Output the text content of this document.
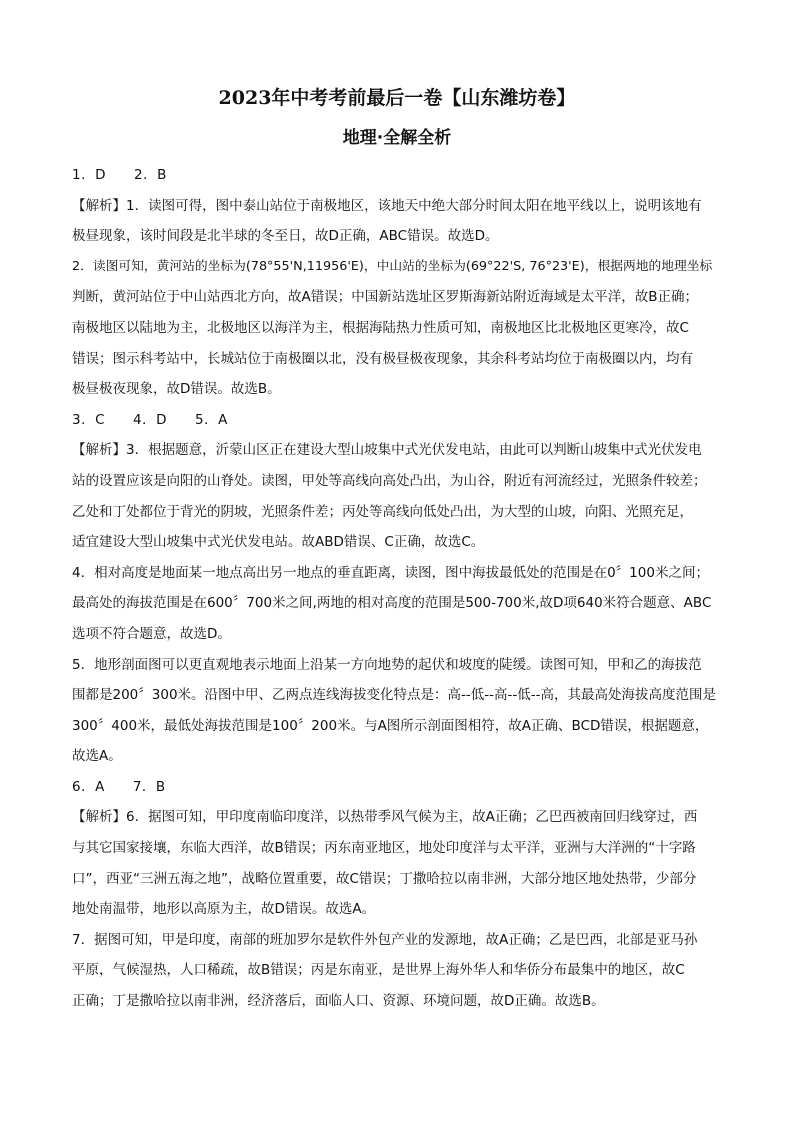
2023年中考考前最后一卷【山东潍坊卷】
地理·全解全析
1．D　　2．B
【解析】1．读图可得，图中泰山站位于南极地区，该地天中绝大部分时间太阳在地平线以上，说明该地有
极昼现象，该时间段是北半球的冬至日，故D正确，ABC错误。故选D。
2．读图可知，黄河站的坐标为(78°55'N,11956'E)，中山站的坐标为(69°22'S, 76°23'E)，根据两地的地理坐标
判断，黄河站位于中山站西北方向，故A错误；中国新站选址区罗斯海新站附近海域是太平洋，故B正确；
南极地区以陆地为主，北极地区以海洋为主，根据海陆热力性质可知，南极地区比北极地区更寒冷，故C
错误；图示科考站中，长城站位于南极圈以北，没有极昼极夜现象，其余科考站均位于南极圈以内，均有
极昼极夜现象，故D错误。故选B。
3．C　　4．D　　5．A
【解析】3．根据题意，沂蒙山区正在建设大型山坡集中式光伏发电站，由此可以判断山坡集中式光伏发电
站的设置应该是向阳的山脊处。读图，甲处等高线向高处凸出，为山谷，附近有河流经过，光照条件较差；
乙处和丁处都位于背光的阴坡，光照条件差；丙处等高线向低处凸出，为大型的山坡，向阳、光照充足，
适宜建设大型山坡集中式光伏发电站。故ABD错误、C正确，故选C。
4．相对高度是地面某一地点高出另一地点的垂直距离，读图，图中海拔最低处的范围是在0〞100米之间；
最高处的海拔范围是在600〞700米之间,两地的相对高度的范围是500-700米,故D项640米符合题意、ABC
选项不符合题意，故选D。
5．地形剖面图可以更直观地表示地面上沿某一方向地势的起伏和坡度的陡缓。读图可知，甲和乙的海拔范
围都是200〞300米。沿图中甲、乙两点连线海拔变化特点是：高--低--高--低--高，其最高处海拔高度范围是
300〞400米，最低处海拔范围是100〞200米。与A图所示剖面图相符，故A正确、BCD错误，根据题意，
故选A。
6．A　　7．B
【解析】6．据图可知，甲印度南临印度洋，以热带季风气候为主，故A正确；乙巴西被南回归线穿过，西
与其它国家接壤，东临大西洋，故B错误；丙东南亚地区，地处印度洋与太平洋，亚洲与大洋洲的“十字路
口”，西亚“三洲五海之地”，战略位置重要，故C错误；丁撒哈拉以南非洲，大部分地区地处热带，少部分
地处南温带，地形以高原为主，故D错误。故选A。
7．据图可知，甲是印度，南部的班加罗尔是软件外包产业的发源地，故A正确；乙是巴西，北部是亚马孙
平原，气候湿热，人口稀疏，故B错误；丙是东南亚，是世界上海外华人和华侨分布最集中的地区，故C
正确；丁是撒哈拉以南非洲，经济落后，面临人口、资源、环境问题，故D正确。故选B。
